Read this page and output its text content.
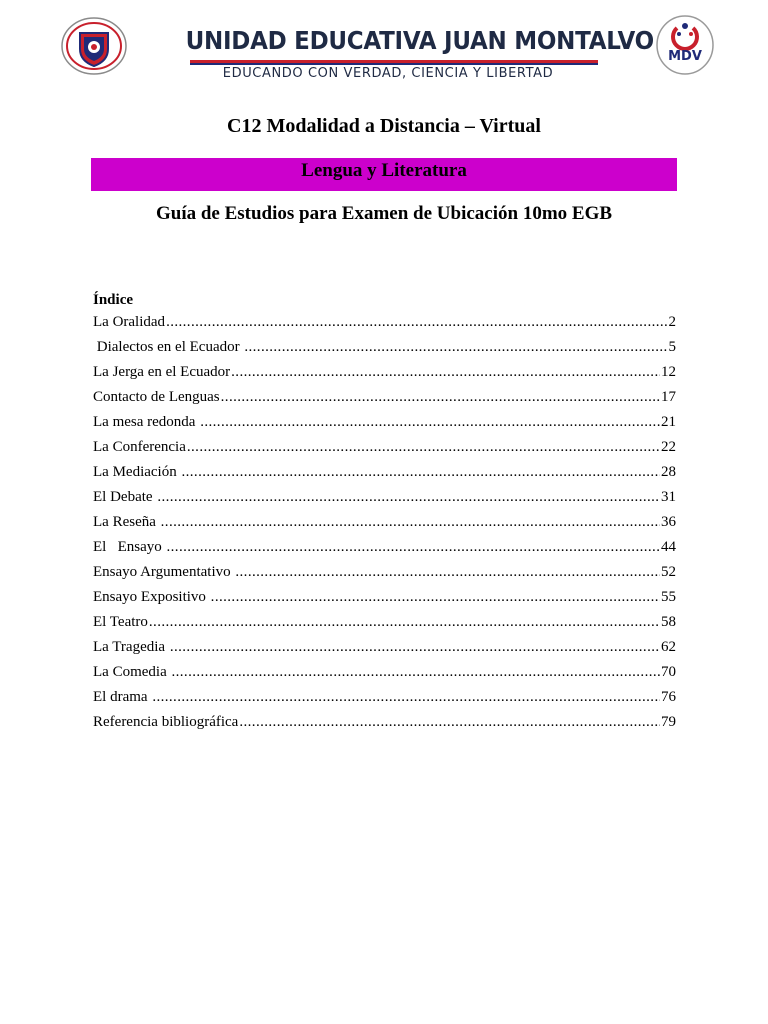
UNIDAD EDUCATIVA JUAN MONTALVO
EDUCANDO CON VERDAD, CIENCIA Y LIBERTAD
MDV
C12 Modalidad a Distancia – Virtual
Lengua y Literatura
Guía de Estudios para Examen de Ubicación 10mo EGB
Índice
La Oralidad .....	2
Dialectos en el Ecuador .....	5
La Jerga en el Ecuador .....	12
Contacto de Lenguas .....	17
La mesa redonda .....	21
La Conferencia .....	22
La Mediación .....	28
El Debate .....	31
La Reseña .....	36
El   Ensayo .....	44
Ensayo Argumentativo .....	52
Ensayo Expositivo .....	55
El Teatro .....	58
La Tragedia .....	62
La Comedia .....	70
El drama .....	76
Referencia bibliográfica .....	79
